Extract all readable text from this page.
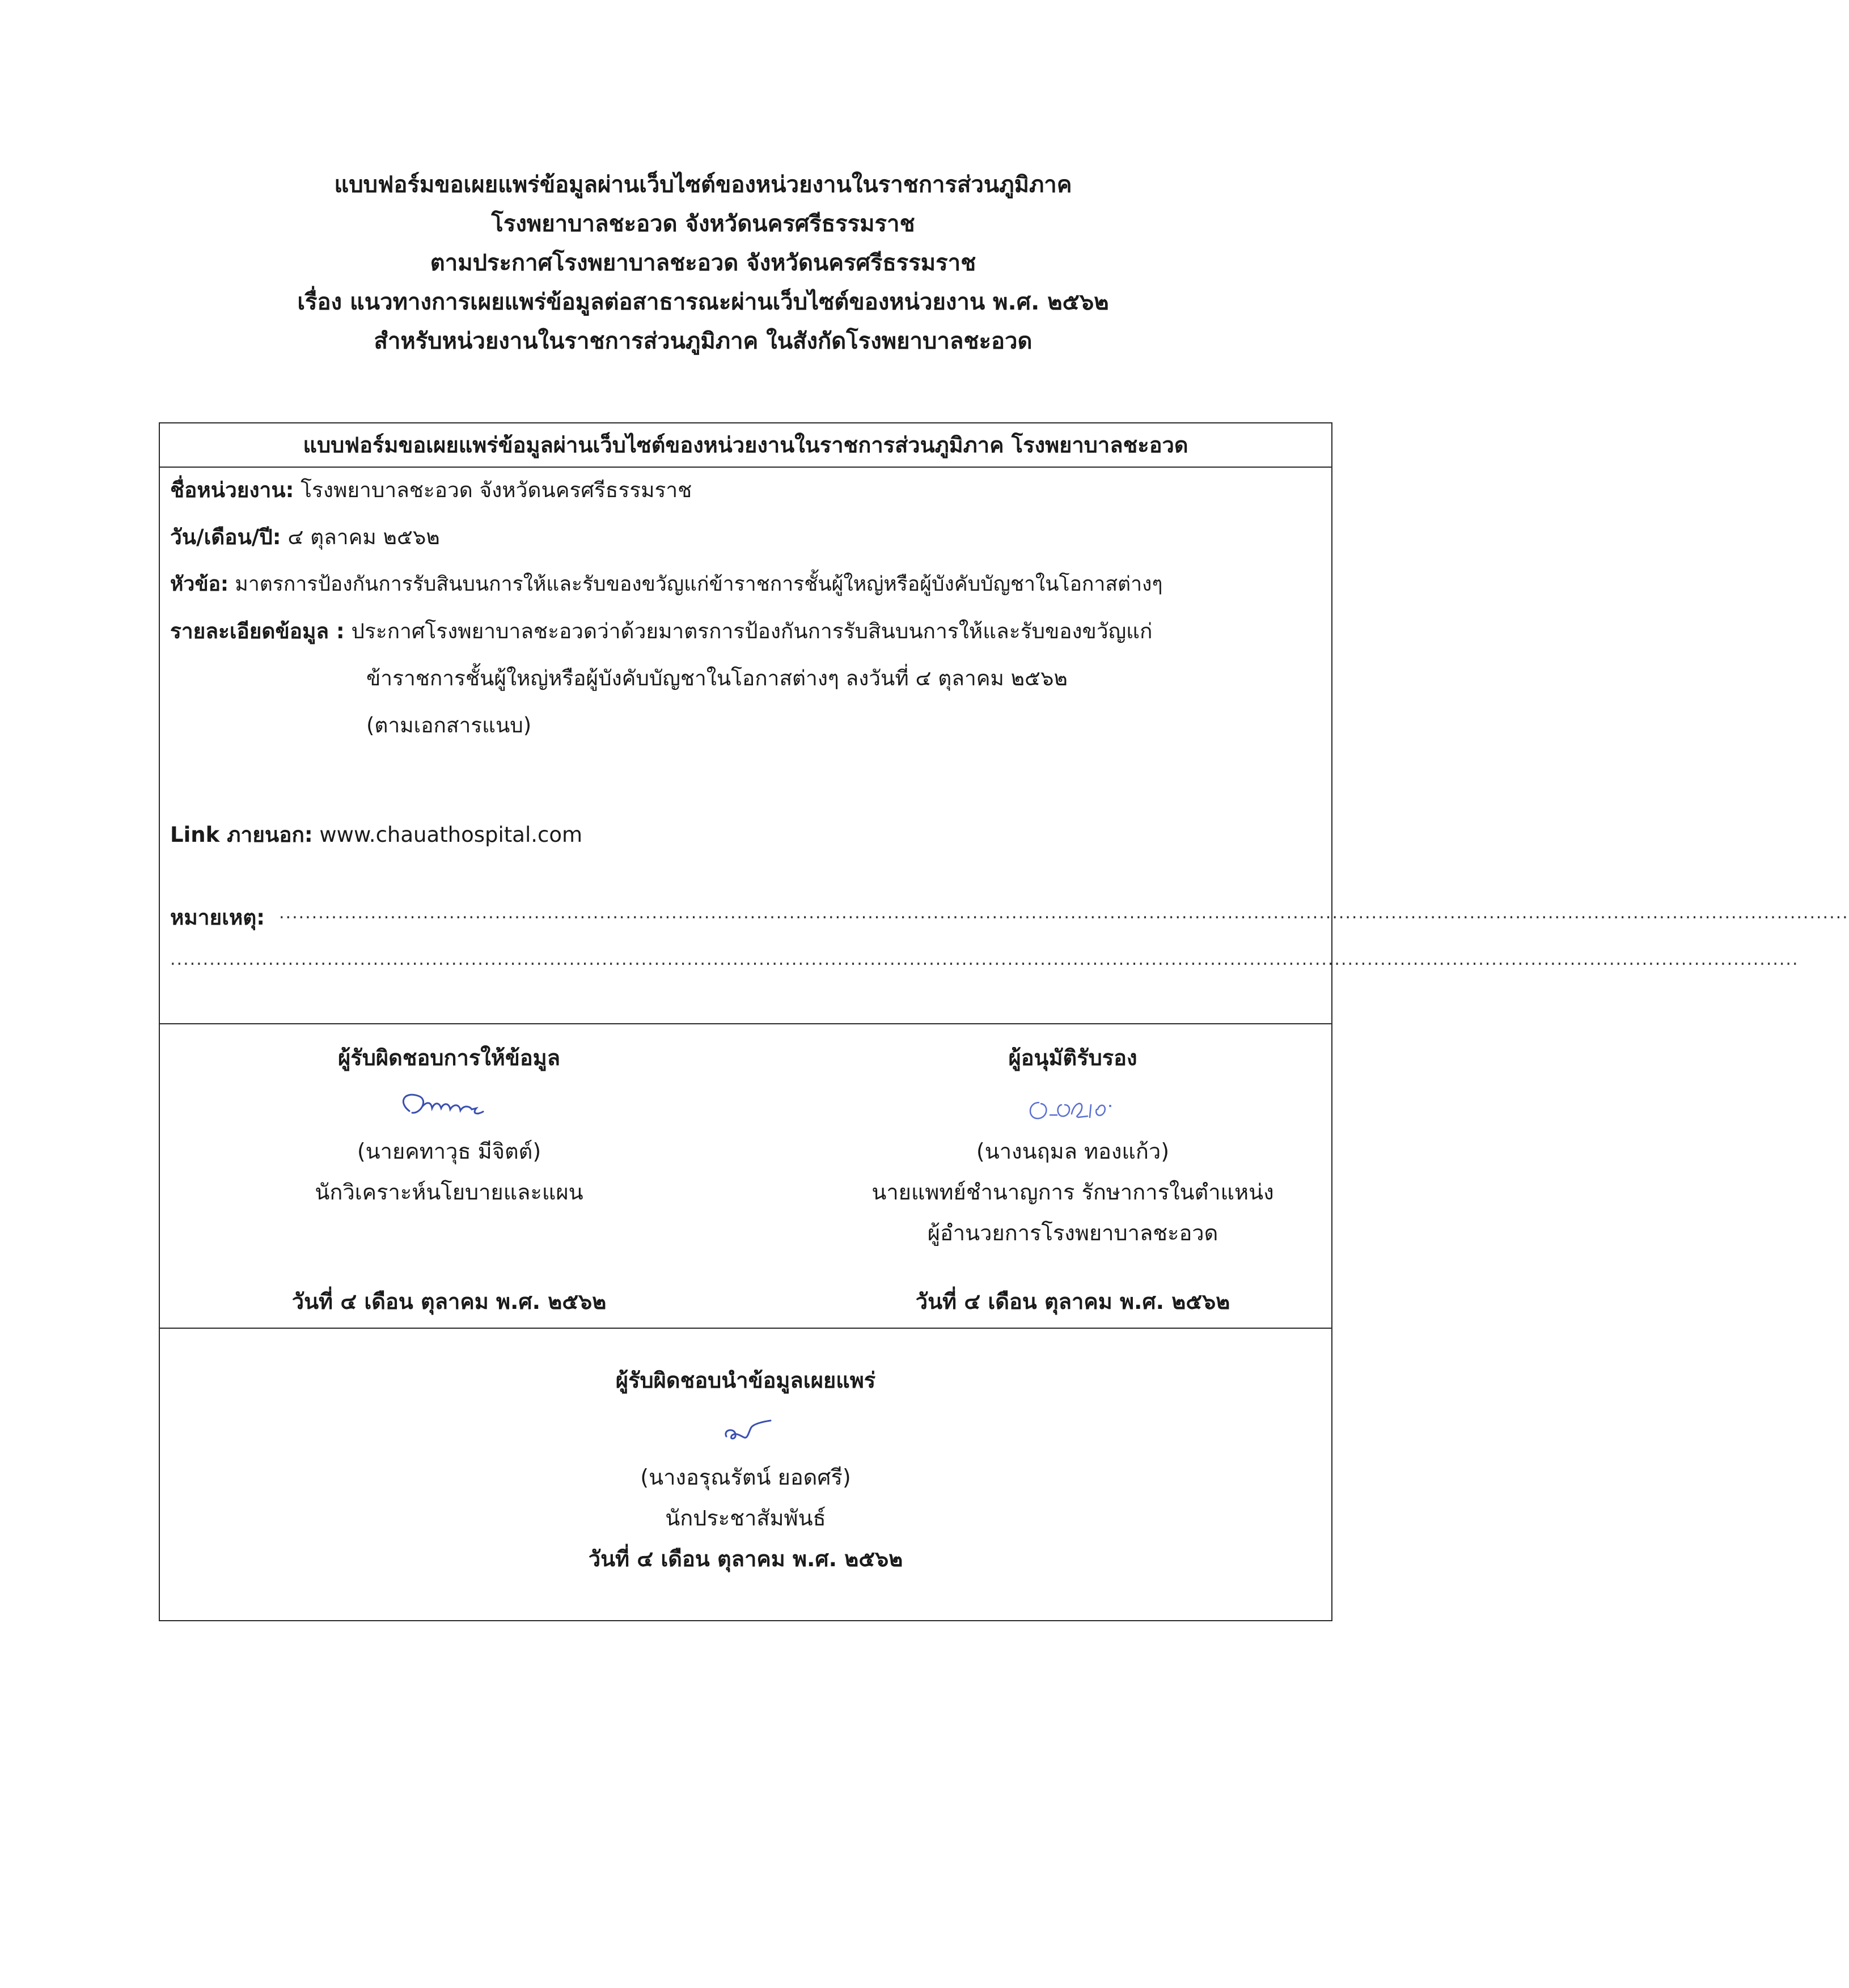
แบบฟอร์มขอเผยแพร่ข้อมูลผ่านเว็บไซต์ของหน่วยงานในราชการส่วนภูมิภาค
โรงพยาบาลชะอวด จังหวัดนครศรีธรรมราช
ตามประกาศโรงพยาบาลชะอวด จังหวัดนครศรีธรรมราช
เรื่อง แนวทางการเผยแพร่ข้อมูลต่อสาธารณะผ่านเว็บไซต์ของหน่วยงาน พ.ศ. ๒๕๖๒
สำหรับหน่วยงานในราชการส่วนภูมิภาค ในสังกัดโรงพยาบาลชะอวด
แบบฟอร์มขอเผยแพร่ข้อมูลผ่านเว็บไซต์ของหน่วยงานในราชการส่วนภูมิภาค โรงพยาบาลชะอวด
ชื่อหน่วยงาน: โรงพยาบาลชะอวด จังหวัดนครศรีธรรมราช
วัน/เดือน/ปี: ๔ ตุลาคม ๒๕๖๒
หัวข้อ: มาตรการป้องกันการรับสินบนการให้และรับของขวัญแก่ข้าราชการชั้นผู้ใหญ่หรือผู้บังคับบัญชาในโอกาสต่างๆ
รายละเอียดข้อมูล : ประกาศโรงพยาบาลชะอวดว่าด้วยมาตรการป้องกันการรับสินบนการให้และรับของขวัญแก่
ข้าราชการชั้นผู้ใหญ่หรือผู้บังคับบัญชาในโอกาสต่างๆ ลงวันที่ ๔ ตุลาคม ๒๕๖๒
(ตามเอกสารแนบ)
Link ภายนอก: www.chauathospital.com
หมายเหตุ: ................................................................................................................................................................................................................................................
.........................................................................................................................................................................................................................................................
ผู้รับผิดชอบการให้ข้อมูล
(นายคทาวุธ มีจิตต์)
นักวิเคราะห์นโยบายและแผน
วันที่ ๔ เดือน ตุลาคม พ.ศ. ๒๕๖๒
ผู้อนุมัติรับรอง
(นางนฤมล ทองแก้ว)
นายแพทย์ชำนาญการ รักษาการในตำแหน่ง
ผู้อำนวยการโรงพยาบาลชะอวด
วันที่ ๔ เดือน ตุลาคม พ.ศ. ๒๕๖๒
ผู้รับผิดชอบนำข้อมูลเผยแพร่
(นางอรุณรัตน์ ยอดศรี)
นักประชาสัมพันธ์
วันที่ ๔ เดือน ตุลาคม พ.ศ. ๒๕๖๒
